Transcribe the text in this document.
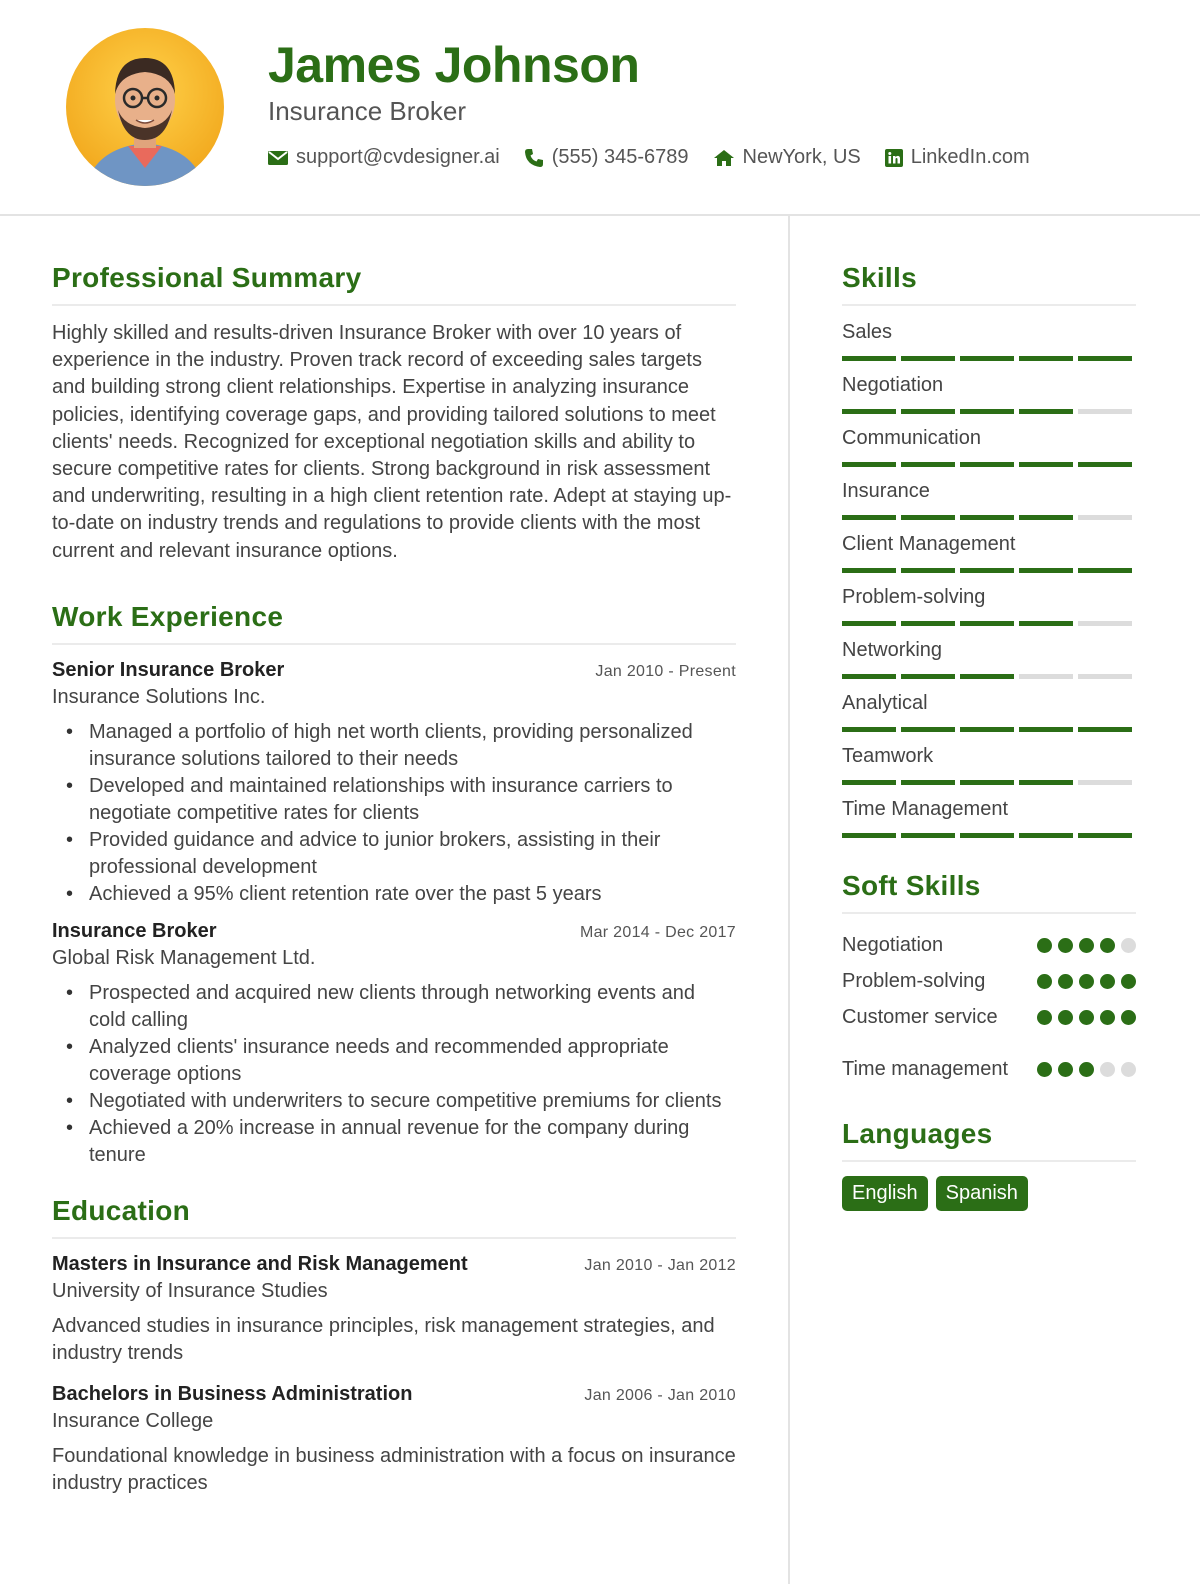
James Johnson
Insurance Broker
support@cvdesigner.ai	(555) 345-6789	NewYork, US	LinkedIn.com
Professional Summary

Highly skilled and results-driven Insurance Broker with over 10 years of experience in the industry. Proven track record of exceeding sales targets and building strong client relationships. Expertise in analyzing insurance policies, identifying coverage gaps, and providing tailored solutions to meet clients' needs. Recognized for exceptional negotiation skills and ability to secure competitive rates for clients. Strong background in risk assessment and underwriting, resulting in a high client retention rate. Adept at staying up-to-date on industry trends and regulations to provide clients with the most current and relevant insurance options.

Work Experience
Senior Insurance Broker	Jan 2010 - Present
Insurance Solutions Inc.
• Managed a portfolio of high net worth clients, providing personalized insurance solutions tailored to their needs
• Developed and maintained relationships with insurance carriers to negotiate competitive rates for clients
• Provided guidance and advice to junior brokers, assisting in their professional development
• Achieved a 95% client retention rate over the past 5 years
Insurance Broker	Mar 2014 - Dec 2017
Global Risk Management Ltd.
• Prospected and acquired new clients through networking events and cold calling
• Analyzed clients' insurance needs and recommended appropriate coverage options
• Negotiated with underwriters to secure competitive premiums for clients
• Achieved a 20% increase in annual revenue for the company during tenure
Education
Masters in Insurance and Risk Management	Jan 2010 - Jan 2012
University of Insurance Studies
Advanced studies in insurance principles, risk management strategies, and industry trends
Bachelors in Business Administration	Jan 2006 - Jan 2010
Insurance College
Foundational knowledge in business administration with a focus on insurance industry practices
Skills
Sales
Negotiation
Communication
Insurance
Client Management
Problem-solving
Networking
Analytical
Teamwork
Time Management
Soft Skills
Negotiation
Problem-solving
Customer service
Time management
Languages
English	Spanish
